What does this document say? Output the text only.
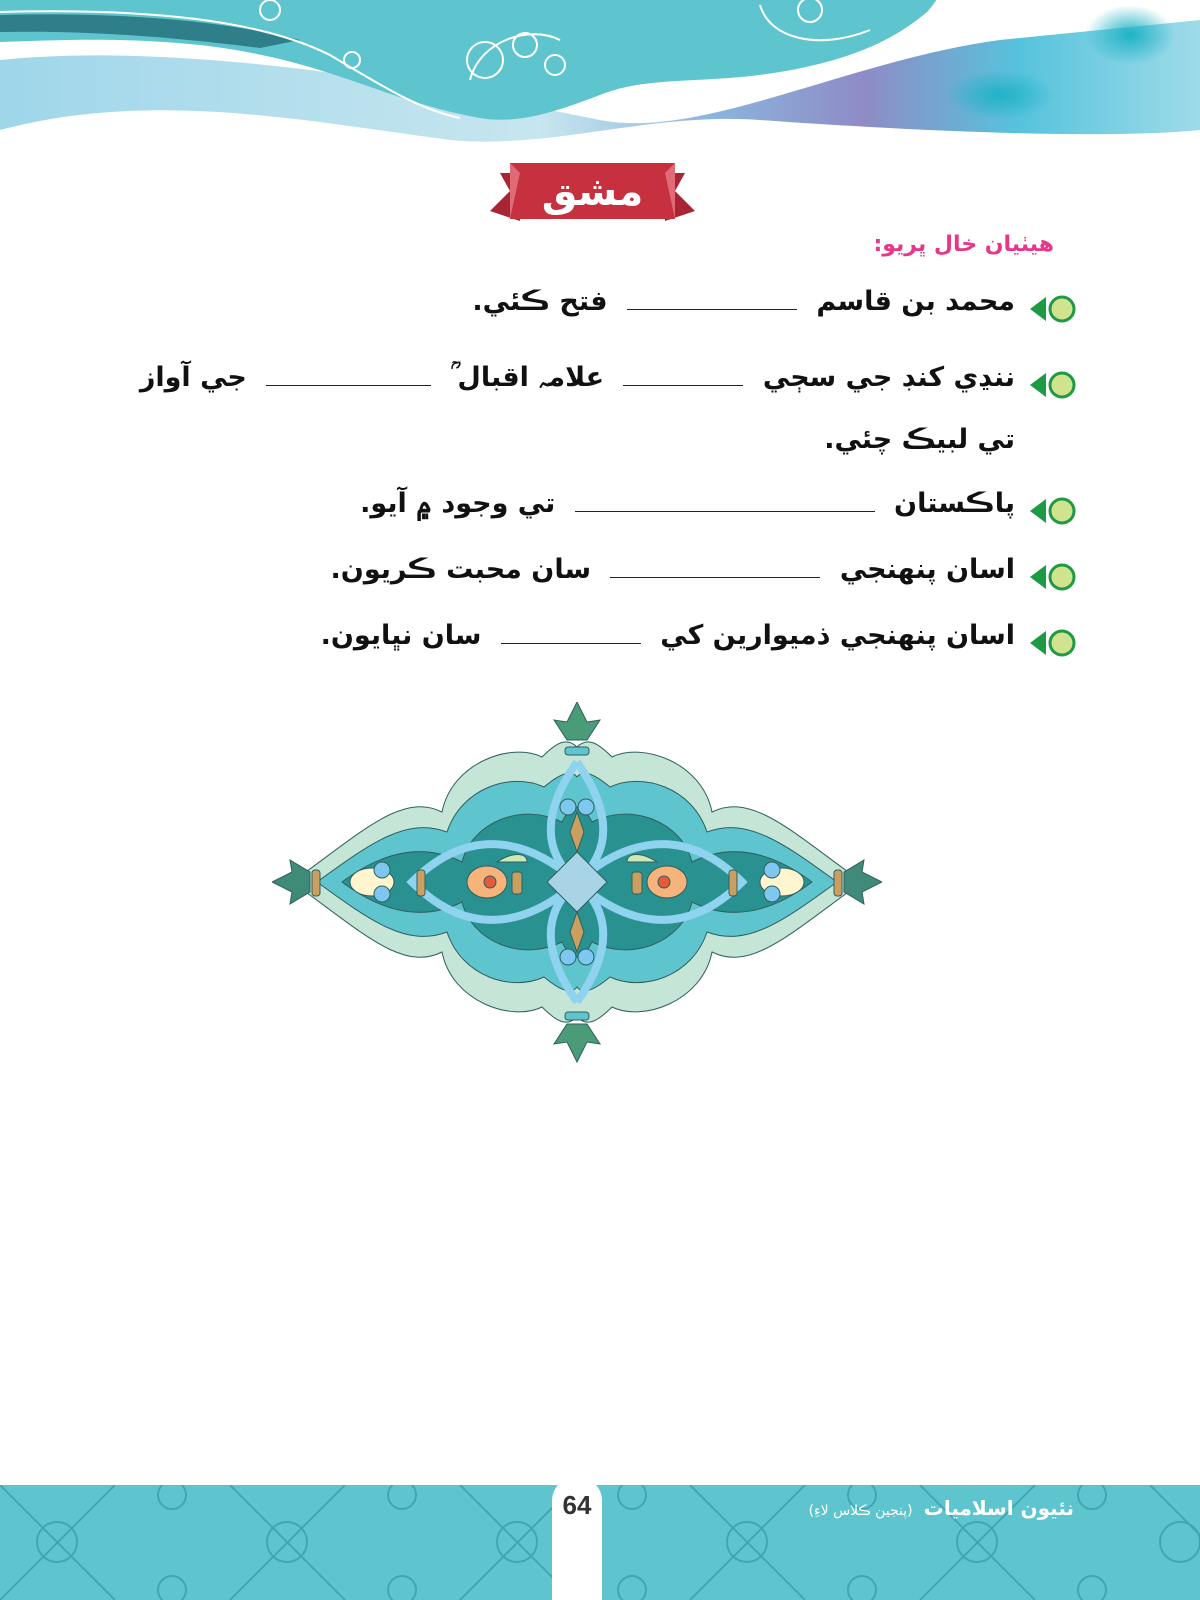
مشق
هيٺيان خال ڀريو:
محمد بن قاسم  فتح ڪئي.
ننڍي کنڊ جي سڄي  علامہ اقبال ؒ  جي آواز تي لبيڪ چئي.
پاڪستان  تي وجود ۾ آيو.
اسان پنهنجي  سان محبت ڪريون.
اسان پنهنجي ذميوارين کي  سان نڀايون.
64	نئيون اسلاميات (پنجين ڪلاس لاءِ)
